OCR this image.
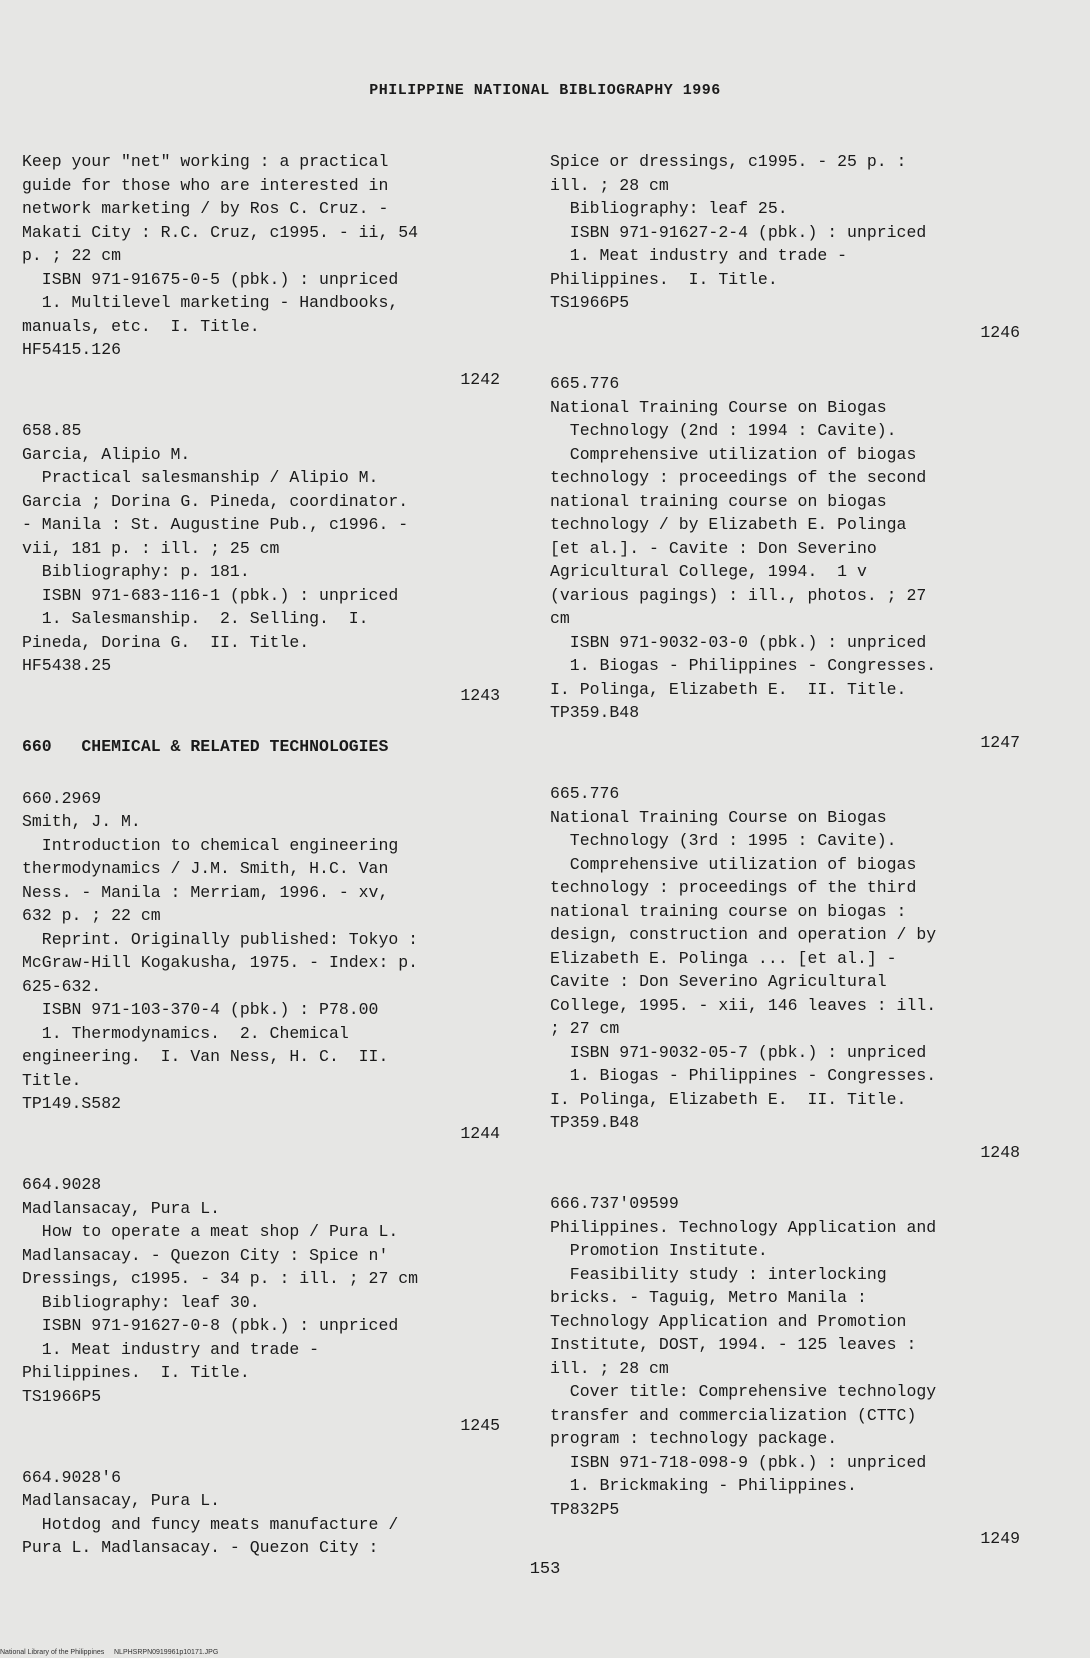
PHILIPPINE NATIONAL BIBLIOGRAPHY 1996
Keep your "net" working : a practical
guide for those who are interested in
network marketing / by Ros C. Cruz. -
Makati City : R.C. Cruz, c1995. - ii, 54
p. ; 22 cm
ISBN 971-91675-0-5 (pbk.) : unpriced
1. Multilevel marketing - Handbooks,
manuals, etc.  I. Title.
HF5415.126
1242
658.85
Garcia, Alipio M.
Practical salesmanship / Alipio M.
Garcia ; Dorina G. Pineda, coordinator.
- Manila : St. Augustine Pub., c1996. -
vii, 181 p. : ill. ; 25 cm
Bibliography: p. 181.
ISBN 971-683-116-1 (pbk.) : unpriced
1. Salesmanship.  2. Selling.  I.
Pineda, Dorina G.  II. Title.
HF5438.25
1243
660   CHEMICAL & RELATED TECHNOLOGIES
660.2969
Smith, J. M.
Introduction to chemical engineering
thermodynamics / J.M. Smith, H.C. Van
Ness. - Manila : Merriam, 1996. - xv,
632 p. ; 22 cm
Reprint. Originally published: Tokyo :
McGraw-Hill Kogakusha, 1975. - Index: p.
625-632.
ISBN 971-103-370-4 (pbk.) : P78.00
1. Thermodynamics.  2. Chemical
engineering.  I. Van Ness, H. C.  II.
Title.
TP149.S582
1244
664.9028
Madlansacay, Pura L.
How to operate a meat shop / Pura L.
Madlansacay. - Quezon City : Spice n'
Dressings, c1995. - 34 p. : ill. ; 27 cm
Bibliography: leaf 30.
ISBN 971-91627-0-8 (pbk.) : unpriced
1. Meat industry and trade -
Philippines.  I. Title.
TS1966P5
1245
664.9028'6
Madlansacay, Pura L.
Hotdog and funcy meats manufacture /
Pura L. Madlansacay. - Quezon City :
Spice or dressings, c1995. - 25 p. :
ill. ; 28 cm
Bibliography: leaf 25.
ISBN 971-91627-2-4 (pbk.) : unpriced
1. Meat industry and trade -
Philippines.  I. Title.
TS1966P5
1246
665.776
National Training Course on Biogas
Technology (2nd : 1994 : Cavite).
Comprehensive utilization of biogas
technology : proceedings of the second
national training course on biogas
technology / by Elizabeth E. Polinga
[et al.]. - Cavite : Don Severino
Agricultural College, 1994.  1 v
(various pagings) : ill., photos. ; 27
cm
ISBN 971-9032-03-0 (pbk.) : unpriced
1. Biogas - Philippines - Congresses.
I. Polinga, Elizabeth E.  II. Title.
TP359.B48
1247
665.776
National Training Course on Biogas
Technology (3rd : 1995 : Cavite).
Comprehensive utilization of biogas
technology : proceedings of the third
national training course on biogas :
design, construction and operation / by
Elizabeth E. Polinga ... [et al.] -
Cavite : Don Severino Agricultural
College, 1995. - xii, 146 leaves : ill.
; 27 cm
ISBN 971-9032-05-7 (pbk.) : unpriced
1. Biogas - Philippines - Congresses.
I. Polinga, Elizabeth E.  II. Title.
TP359.B48
1248
666.737'09599
Philippines. Technology Application and
Promotion Institute.
Feasibility study : interlocking
bricks. - Taguig, Metro Manila :
Technology Application and Promotion
Institute, DOST, 1994. - 125 leaves :
ill. ; 28 cm
Cover title: Comprehensive technology
transfer and commercialization (CTTC)
program : technology package.
ISBN 971-718-098-9 (pbk.) : unpriced
1. Brickmaking - Philippines.
TP832P5
1249
153
National Library of the Philippines     NLPHSRPN0919961p10171.JPG
